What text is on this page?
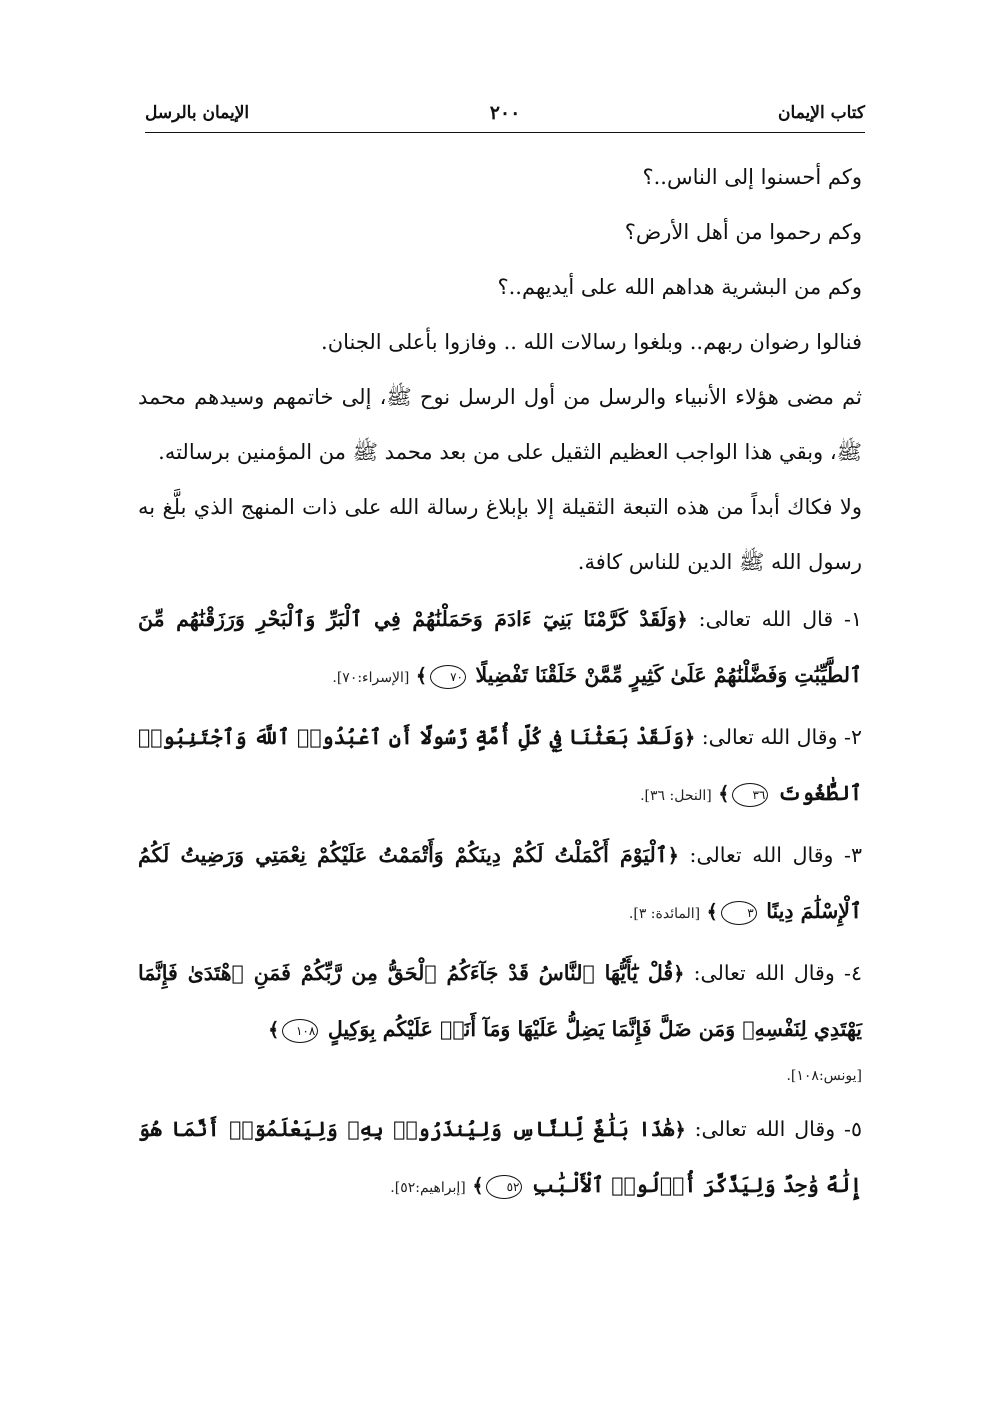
كتاب الإيمان
٢٠٠
الإيمان بالرسل

وكم أحسنوا إلى الناس..؟

وكم رحموا من أهل الأرض؟

وكم من البشرية هداهم الله على أيديهم..؟

فنالوا رضوان ربهم.. وبلغوا رسالات الله .. وفازوا بأعلى الجنان.

ثم مضى هؤلاء الأنبياء والرسل من أول الرسل نوح ﷺ، إلى خاتمهم وسيدهم محمد ﷺ، وبقي هذا الواجب العظيم الثقيل على من بعد محمد ﷺ من المؤمنين برسالته.

ولا فكاك أبداً من هذه التبعة الثقيلة إلا بإبلاغ رسالة الله على ذات المنهج الذي بلَّغ به رسول الله ﷺ الدين للناس كافة.

١- قال الله تعالى: ﴿وَلَقَدْ كَرَّمْنَا بَنِيٓ ءَادَمَ وَحَمَلْنَٰهُمْ فِي ٱلْبَرِّ وَٱلْبَحْرِ وَرَزَقْنَٰهُم مِّنَ ٱلطَّيِّبَٰتِ وَفَضَّلْنَٰهُمْ عَلَىٰ كَثِيرٍ مِّمَّنْ خَلَقْنَا تَفْضِيلًا ٧٠﴾ [الإسراء:٧٠].

٢- وقال الله تعالى: ﴿وَلَقَدْ بَعَثْنَا فِي كُلِّ أُمَّةٍ رَّسُولًا أَنِ ٱعْبُدُوا۟ ٱللَّهَ وَٱجْتَنِبُوا۟ ٱلطَّٰغُوتَ ٣٦﴾ [النحل: ٣٦].

٣- وقال الله تعالى: ﴿ٱلْيَوْمَ أَكْمَلْتُ لَكُمْ دِينَكُمْ وَأَتْمَمْتُ عَلَيْكُمْ نِعْمَتِي وَرَضِيتُ لَكُمُ ٱلْإِسْلَٰمَ دِينًا ٣﴾ [المائدة: ٣].

٤- وقال الله تعالى: ﴿قُلْ يَٰٓأَيُّهَا ٱلنَّاسُ قَدْ جَآءَكُمُ ٱلْحَقُّ مِن رَّبِّكُمْ فَمَنِ ٱهْتَدَىٰ فَإِنَّمَا يَهْتَدِي لِنَفْسِهِۦ وَمَن ضَلَّ فَإِنَّمَا يَضِلُّ عَلَيْهَا وَمَآ أَنَا۠ عَلَيْكُم بِوَكِيلٍ ١٠٨﴾

[يونس:١٠٨].

٥- وقال الله تعالى: ﴿هَٰذَا بَلَٰغٌ لِّلنَّاسِ وَلِيُنذَرُوا۟ بِهِۦ وَلِيَعْلَمُوٓا۟ أَنَّمَا هُوَ إِلَٰهٌ وَٰحِدٌ وَلِيَذَّكَّرَ أُو۟لُوا۟ ٱلْأَلْبَٰبِ ٥٢﴾ [إبراهيم:٥٢].
